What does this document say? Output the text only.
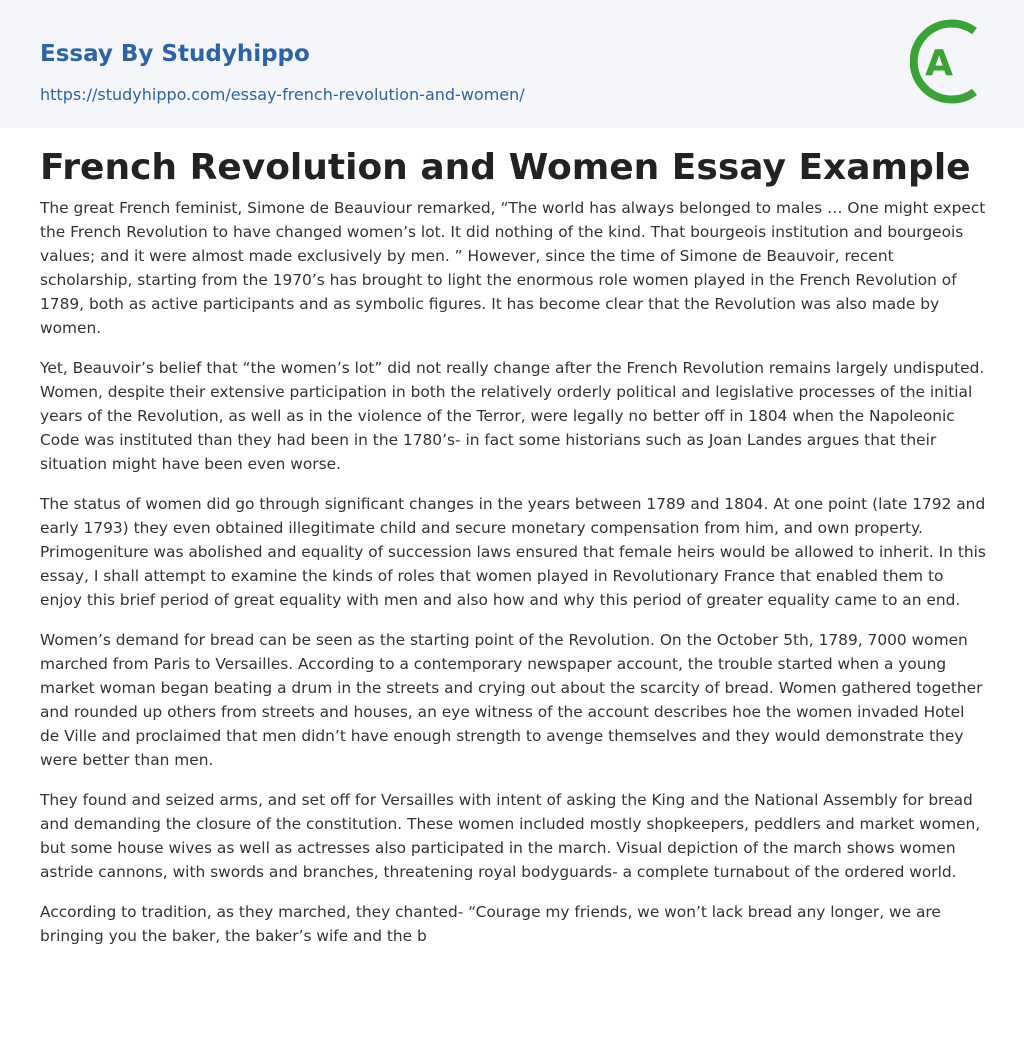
Essay By Studyhippo
https://studyhippo.com/essay-french-revolution-and-women/
A
French Revolution and Women Essay Example

The great French feminist, Simone de Beauviour remarked, “The world has always belonged to males … One might expect the French Revolution to have changed women’s lot. It did nothing of the kind. That bourgeois institution and bourgeois values; and it were almost made exclusively by men. ” However, since the time of Simone de Beauvoir, recent scholarship, starting from the 1970’s has brought to light the enormous role women played in the French Revolution of 1789, both as active participants and as symbolic figures. It has become clear that the Revolution was also made by women.

Yet, Beauvoir’s belief that “the women’s lot” did not really change after the French Revolution remains largely undisputed. Women, despite their extensive participation in both the relatively orderly political and legislative processes of the initial years of the Revolution, as well as in the violence of the Terror, were legally no better off in 1804 when the Napoleonic Code was instituted than they had been in the 1780’s- in fact some historians such as Joan Landes argues that their situation might have been even worse.

The status of women did go through significant changes in the years between 1789 and 1804. At one point (late 1792 and early 1793) they even obtained illegitimate child and secure monetary compensation from him, and own property. Primogeniture was abolished and equality of succession laws ensured that female heirs would be allowed to inherit. In this essay, I shall attempt to examine the kinds of roles that women played in Revolutionary France that enabled them to enjoy this brief period of great equality with men and also how and why this period of greater equality came to an end.

Women’s demand for bread can be seen as the starting point of the Revolution. On the October 5th, 1789, 7000 women marched from Paris to Versailles. According to a contemporary newspaper account, the trouble started when a young market woman began beating a drum in the streets and crying out about the scarcity of bread. Women gathered together and rounded up others from streets and houses, an eye witness of the account describes hoe the women invaded Hotel de Ville and proclaimed that men didn’t have enough strength to avenge themselves and they would demonstrate they were better than men.

They found and seized arms, and set off for Versailles with intent of asking the King and the National Assembly for bread and demanding the closure of the constitution. These women included mostly shopkeepers, peddlers and market women, but some house wives as well as actresses also participated in the march. Visual depiction of the march shows women astride cannons, with swords and branches, threatening royal bodyguards- a complete turnabout of the ordered world.

According to tradition, as they marched, they chanted- “Courage my friends, we won’t lack bread any longer, we are bringing you the baker, the baker’s wife and the b
